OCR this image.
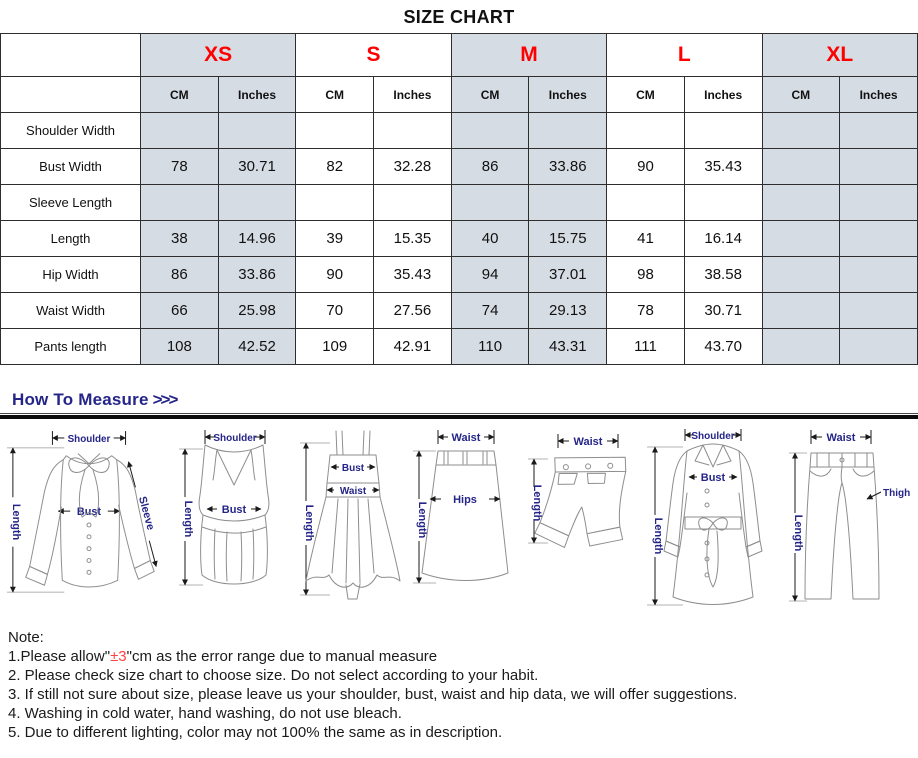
SIZE CHART
	XS		S		M		L		XL	
	CM	Inches	CM	Inches	CM	Inches	CM	Inches	CM	Inches
Shoulder Width										
Bust Width	78	30.71	82	32.28	86	33.86	90	35.43		
Sleeve Length										
Length	38	14.96	39	15.35	40	15.75	41	16.14		
Hip Width	86	33.86	90	35.43	94	37.01	98	38.58		
Waist Width	66	25.98	70	27.56	74	29.13	78	30.71		
Pants length	108	42.52	109	42.91	110	43.31	111	43.70		
How To Measure >>>
Shoulder
Length	Bust	Sleeve
Shoulder
Length	Bust	Length
Bust
Waist
Waist
Length
Hips
Waist
Length
Shoulder
Length
Bust
Waist
Length
Thigh
Note:
1.Please allow"±3"cm as the error range due to manual measure
2. Please check size chart to choose size. Do not select according to your habit.
3. If still not sure about size, please leave us your shoulder, bust, waist and hip data, we will offer suggestions.
4. Washing in cold water, hand washing, do not use bleach.
5. Due to different lighting, color may not 100% the same as in description.
